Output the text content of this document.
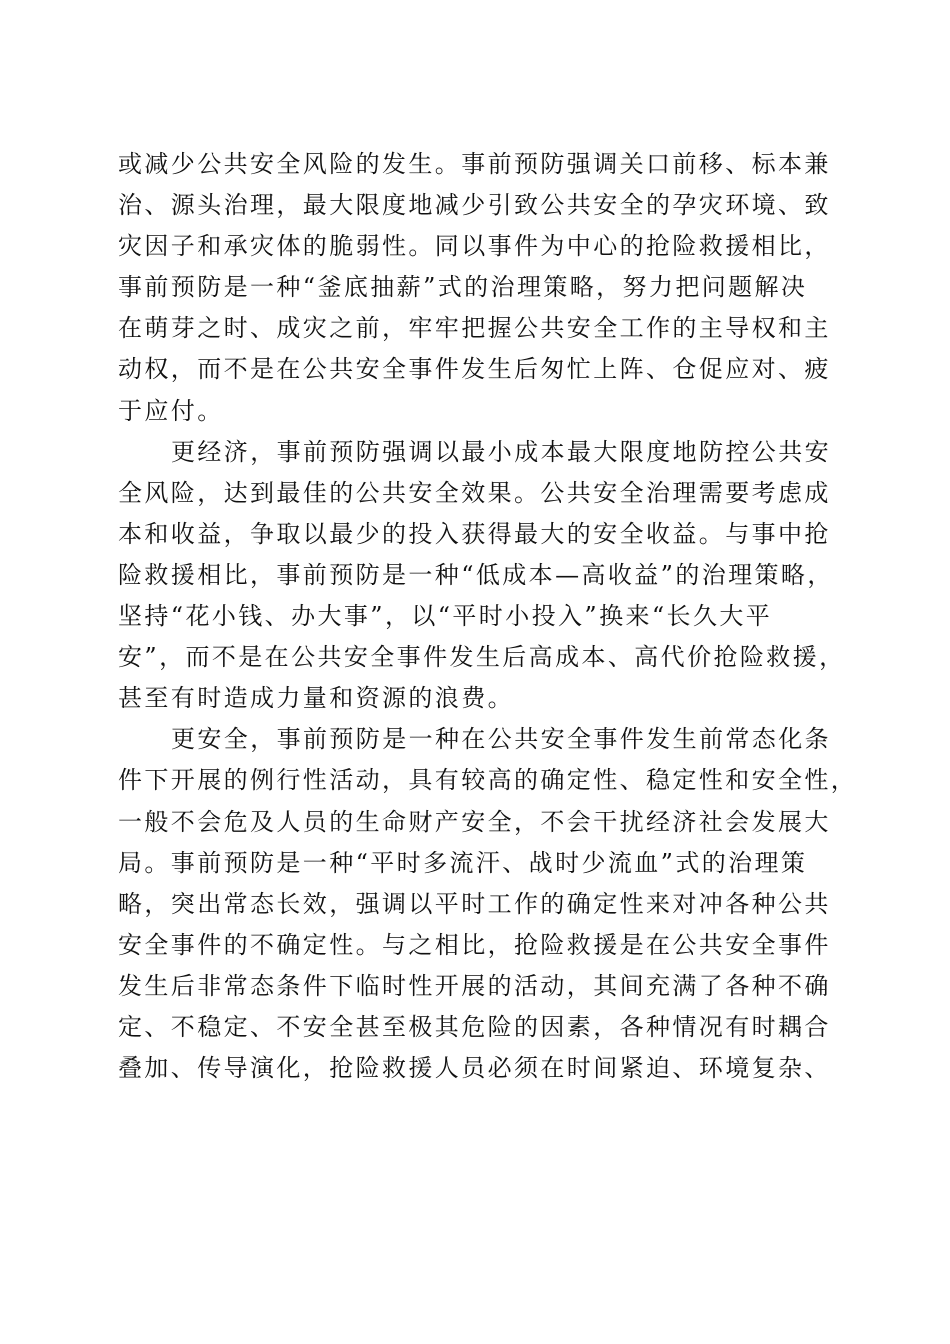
或减少公共安全风险的发生。事前预防强调关口前移、标本兼
治、源头治理，最大限度地减少引致公共安全的孕灾环境、致
灾因子和承灾体的脆弱性。同以事件为中心的抢险救援相比，
事前预防是一种“釜底抽薪”式的治理策略，努力把问题解决
在萌芽之时、成灾之前，牢牢把握公共安全工作的主导权和主
动权，而不是在公共安全事件发生后匆忙上阵、仓促应对、疲
于应付。
更经济，事前预防强调以最小成本最大限度地防控公共安
全风险，达到最佳的公共安全效果。公共安全治理需要考虑成
本和收益，争取以最少的投入获得最大的安全收益。与事中抢
险救援相比，事前预防是一种“低成本—高收益”的治理策略，
坚持“花小钱、办大事”，以“平时小投入”换来“长久大平
安”，而不是在公共安全事件发生后高成本、高代价抢险救援，
甚至有时造成力量和资源的浪费。
更安全，事前预防是一种在公共安全事件发生前常态化条
件下开展的例行性活动，具有较高的确定性、稳定性和安全性，
一般不会危及人员的生命财产安全，不会干扰经济社会发展大
局。事前预防是一种“平时多流汗、战时少流血”式的治理策
略，突出常态长效，强调以平时工作的确定性来对冲各种公共
安全事件的不确定性。与之相比，抢险救援是在公共安全事件
发生后非常态条件下临时性开展的活动，其间充满了各种不确
定、不稳定、不安全甚至极其危险的因素，各种情况有时耦合
叠加、传导演化，抢险救援人员必须在时间紧迫、环境复杂、
